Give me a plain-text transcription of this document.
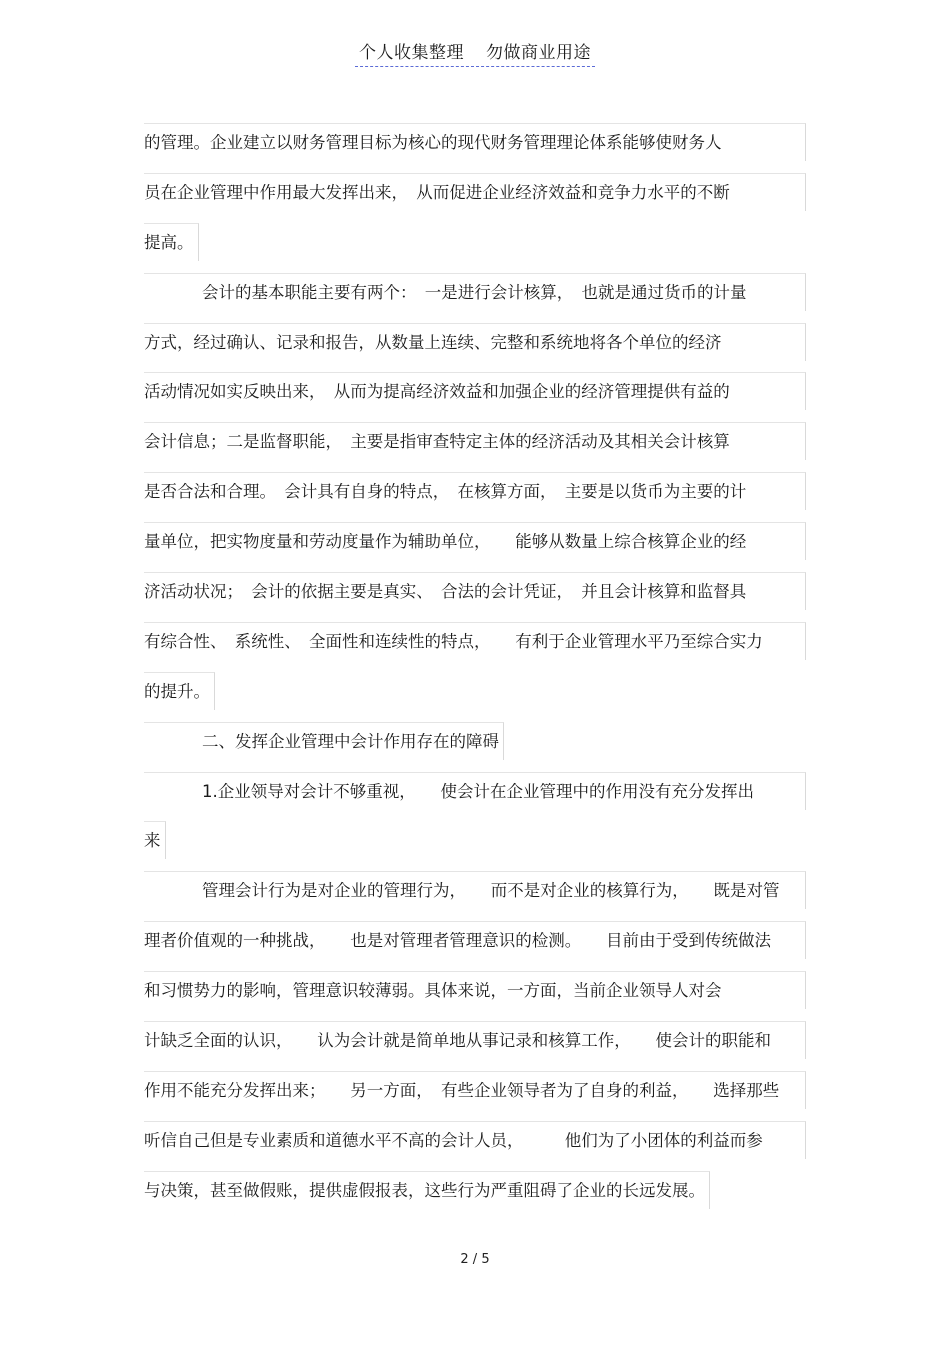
个人收集整理 勿做商业用途
的管理。企业建立以财务管理目标为核心的现代财务管理理论体系能够使财务人
员在企业管理中作用最大发挥出来，　从而促进企业经济效益和竞争力水平的不断
提高。
会计的基本职能主要有两个：　一是进行会计核算，　也就是通过货币的计量
方式，经过确认、记录和报告，从数量上连续、完整和系统地将各个单位的经济
活动情况如实反映出来，　从而为提高经济效益和加强企业的经济管理提供有益的
会计信息；二是监督职能，　主要是指审查特定主体的经济活动及其相关会计核算
是否合法和合理。　会计具有自身的特点，　在核算方面，　主要是以货币为主要的计
量单位，把实物度量和劳动度量作为辅助单位，　　能够从数量上综合核算企业的经
济活动状况；　会计的依据主要是真实、　合法的会计凭证，　并且会计核算和监督具
有综合性、　系统性、　全面性和连续性的特点，　　有利于企业管理水平乃至综合实力
的提升。
二、发挥企业管理中会计作用存在的障碍
1.企业领导对会计不够重视，　　使会计在企业管理中的作用没有充分发挥出
来
管理会计行为是对企业的管理行为，　　而不是对企业的核算行为，　　既是对管
理者价值观的一种挑战，　　也是对管理者管理意识的检测。　　目前由于受到传统做法
和习惯势力的影响，管理意识较薄弱。具体来说，一方面，当前企业领导人对会
计缺乏全面的认识，　　认为会计就是简单地从事记录和核算工作，　　使会计的职能和
作用不能充分发挥出来；　　另一方面，　有些企业领导者为了自身的利益，　　选择那些
听信自己但是专业素质和道德水平不高的会计人员，　　　他们为了小团体的利益而参
与决策，甚至做假账，提供虚假报表，这些行为严重阻碍了企业的长远发展。
2 / 5
